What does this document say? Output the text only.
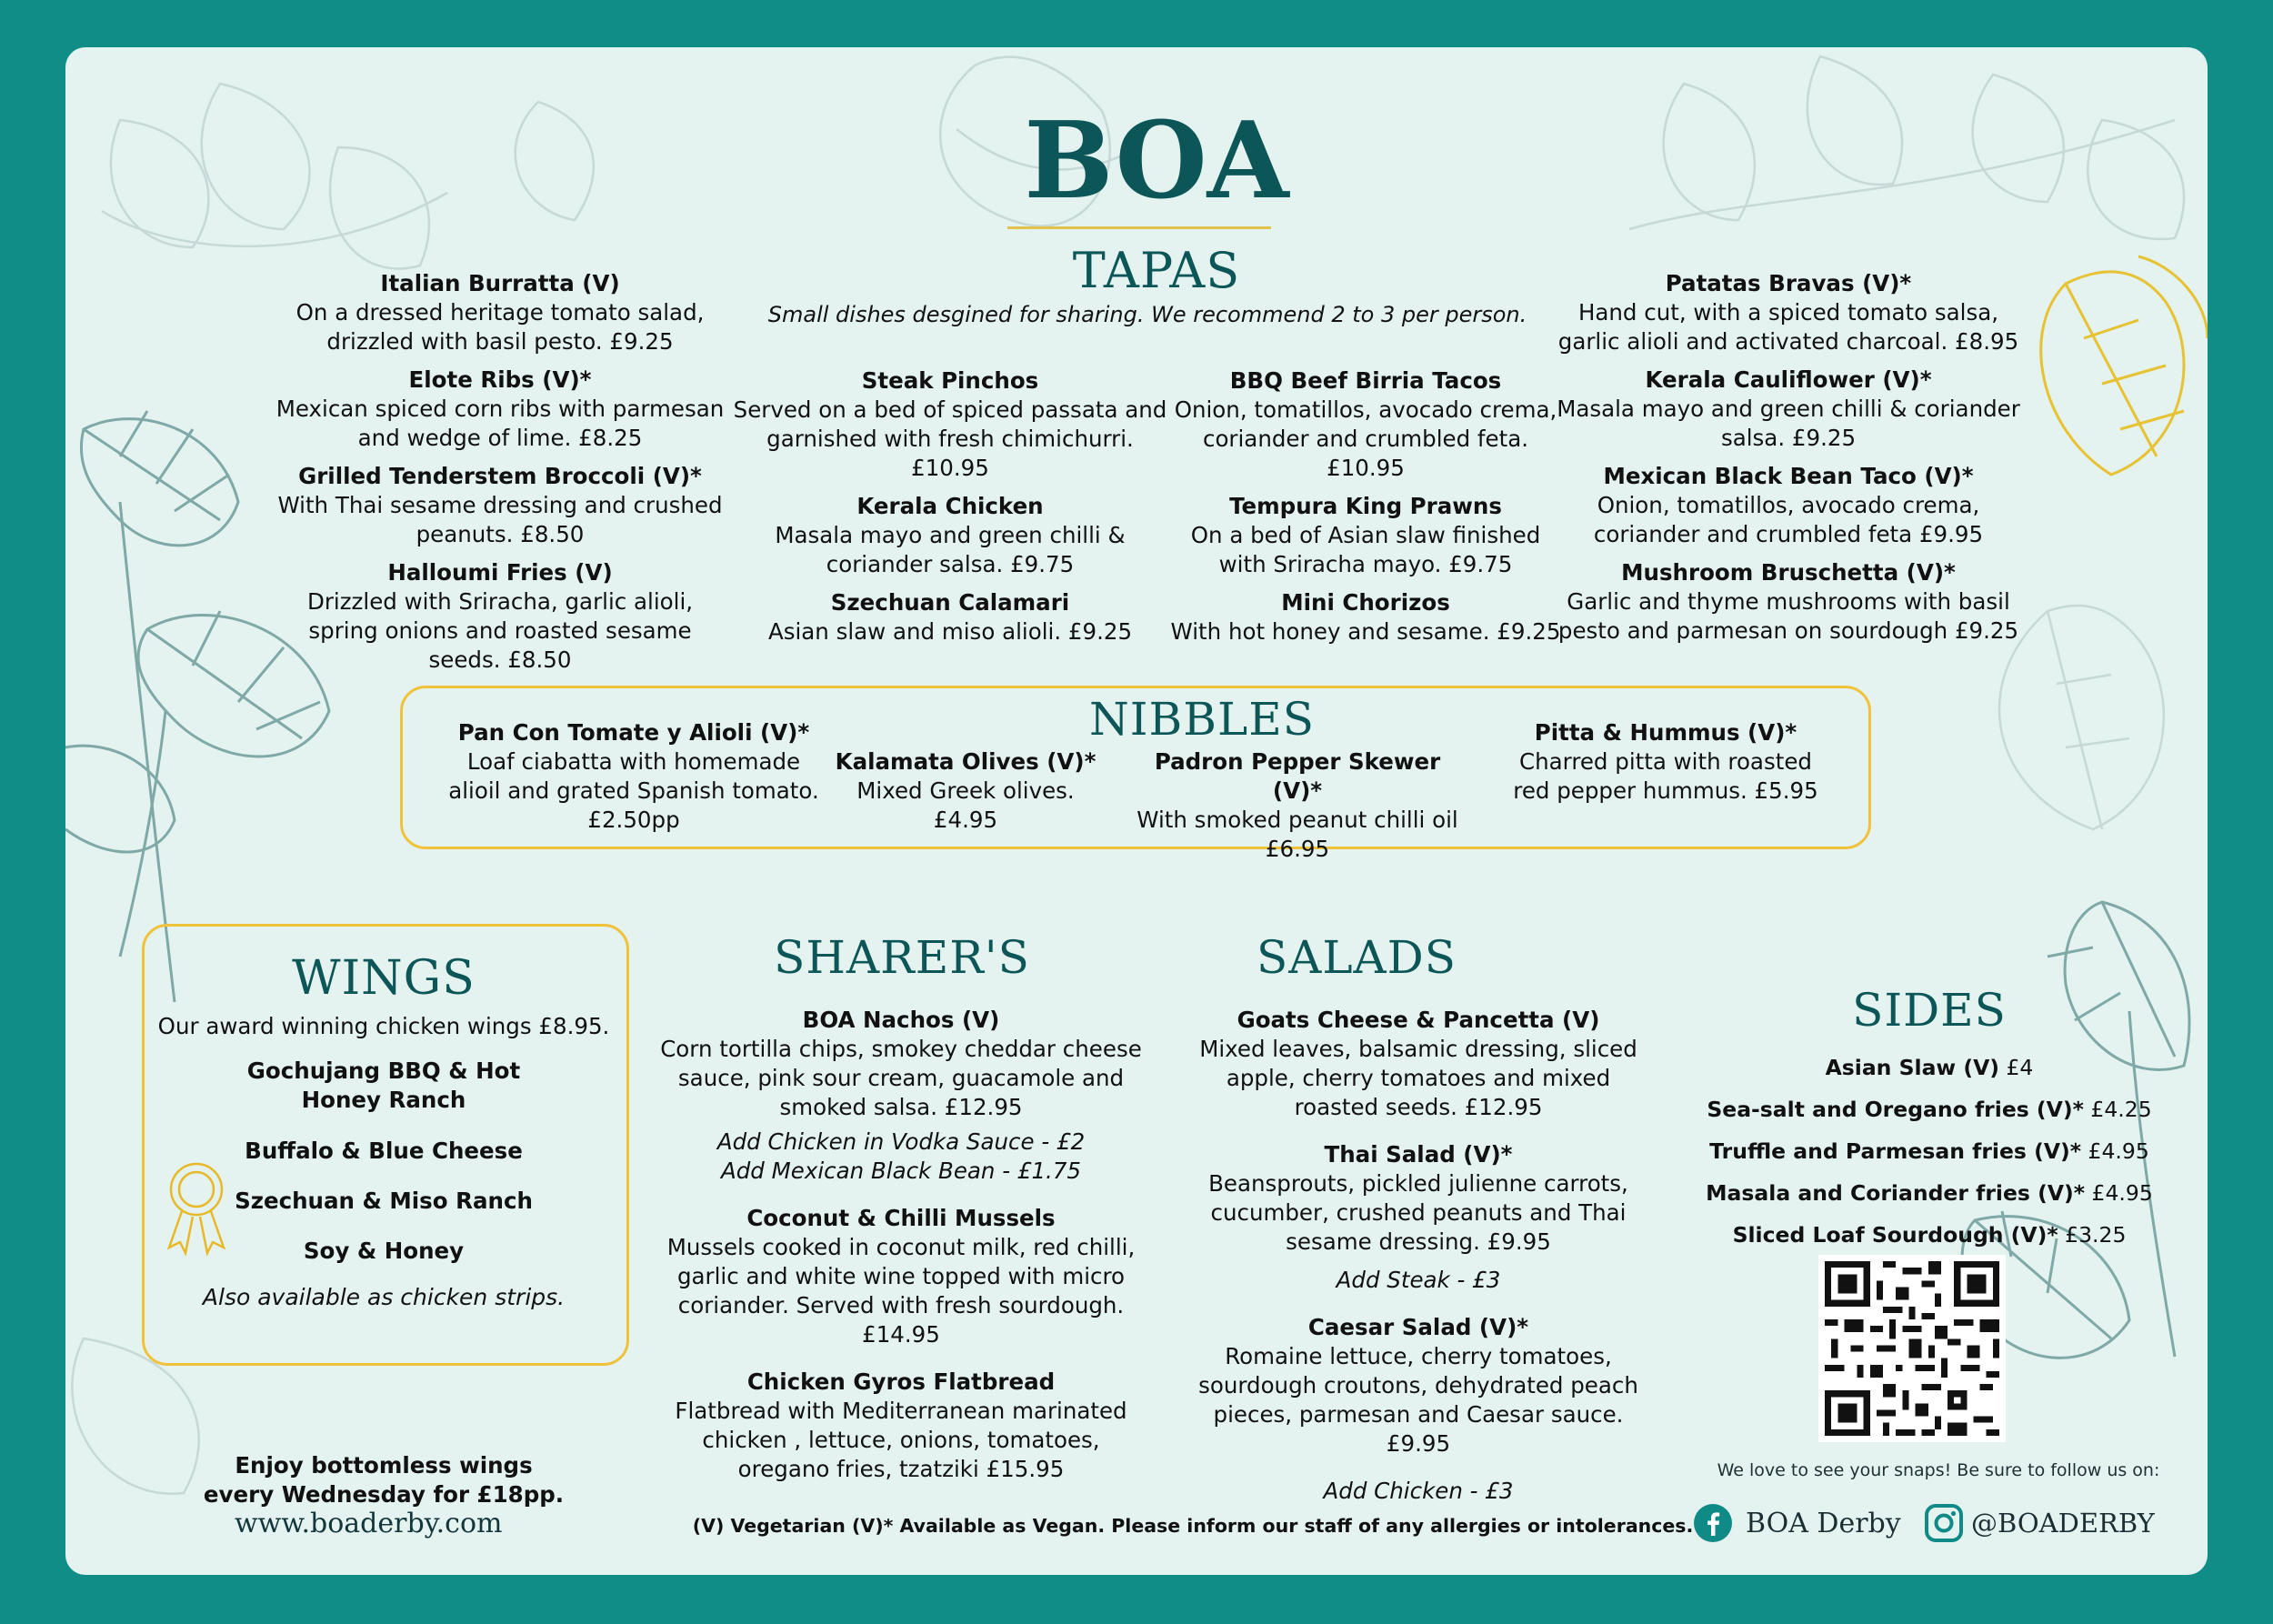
BOA
TAPAS
Small dishes desgined for sharing. We recommend 2 to 3 per person.
Italian Burratta (V)
On a dressed heritage tomato salad, drizzled with basil pesto. £9.25
Elote Ribs (V)*
Mexican spiced corn ribs with parmesan and wedge of lime. £8.25
Grilled Tenderstem Broccoli (V)*
With Thai sesame dressing and crushed peanuts. £8.50
Halloumi Fries (V)
Drizzled with Sriracha, garlic alioli, spring onions and roasted sesame seeds. £8.50
Steak Pinchos
Served on a bed of spiced passata and garnished with fresh chimichurri. £10.95
Kerala Chicken
Masala mayo and green chilli & coriander salsa. £9.75
Szechuan Calamari
Asian slaw and miso alioli. £9.25
BBQ Beef Birria Tacos
Onion, tomatillos, avocado crema, coriander and crumbled feta. £10.95
Tempura King Prawns
On a bed of Asian slaw finished with Sriracha mayo. £9.75
Mini Chorizos
With hot honey and sesame. £9.25
Patatas Bravas (V)*
Hand cut, with a spiced tomato salsa, garlic alioli and activated charcoal. £8.95
Kerala Cauliflower (V)*
Masala mayo and green chilli & coriander salsa. £9.25
Mexican Black Bean Taco (V)*
Onion, tomatillos, avocado crema, coriander and crumbled feta £9.95
Mushroom Bruschetta (V)*
Garlic and thyme mushrooms with basil pesto and parmesan on sourdough £9.25
NIBBLES
Pan Con Tomate y Alioli (V)*
Loaf ciabatta with homemade alioil and grated Spanish tomato. £2.50pp
Kalamata Olives (V)*
Mixed Greek olives. £4.95
Padron Pepper Skewer (V)*
With smoked peanut chilli oil £6.95
Pitta & Hummus (V)*
Charred pitta with roasted red pepper hummus. £5.95
WINGS
Our award winning chicken wings £8.95.
Gochujang BBQ & Hot Honey Ranch
Buffalo & Blue Cheese
Szechuan & Miso Ranch
Soy & Honey
Also available as chicken strips.
Enjoy bottomless wings every Wednesday for £18pp.
SHARER'S
BOA Nachos (V)
Corn tortilla chips, smokey cheddar cheese sauce, pink sour cream, guacamole and smoked salsa. £12.95
Add Chicken in Vodka Sauce - £2
Add Mexican Black Bean - £1.75
Coconut & Chilli Mussels
Mussels cooked in coconut milk, red chilli, garlic and white wine topped with micro coriander. Served with fresh sourdough. £14.95
Chicken Gyros Flatbread
Flatbread with Mediterranean marinated chicken , lettuce, onions, tomatoes, oregano fries, tzatziki £15.95
SALADS
Goats Cheese & Pancetta (V)
Mixed leaves, balsamic dressing, sliced apple, cherry tomatoes and mixed roasted seeds. £12.95
Thai Salad (V)*
Beansprouts, pickled julienne carrots, cucumber, crushed peanuts and Thai sesame dressing. £9.95
Add Steak - £3
Caesar Salad (V)*
Romaine lettuce, cherry tomatoes, sourdough croutons, dehydrated peach pieces, parmesan and Caesar sauce. £9.95
Add Chicken - £3
SIDES
Asian Slaw (V) £4
Sea-salt and Oregano fries (V)* £4.25
Truffle and Parmesan fries (V)* £4.95
Masala and Coriander fries (V)* £4.95
Sliced Loaf Sourdough (V)* £3.25
www.boaderby.com	(V) Vegetarian (V)* Available as Vegan. Please inform our staff of any allergies or intolerances.
We love to see your snaps! Be sure to follow us on:
BOA Derby	@BOADERBY
